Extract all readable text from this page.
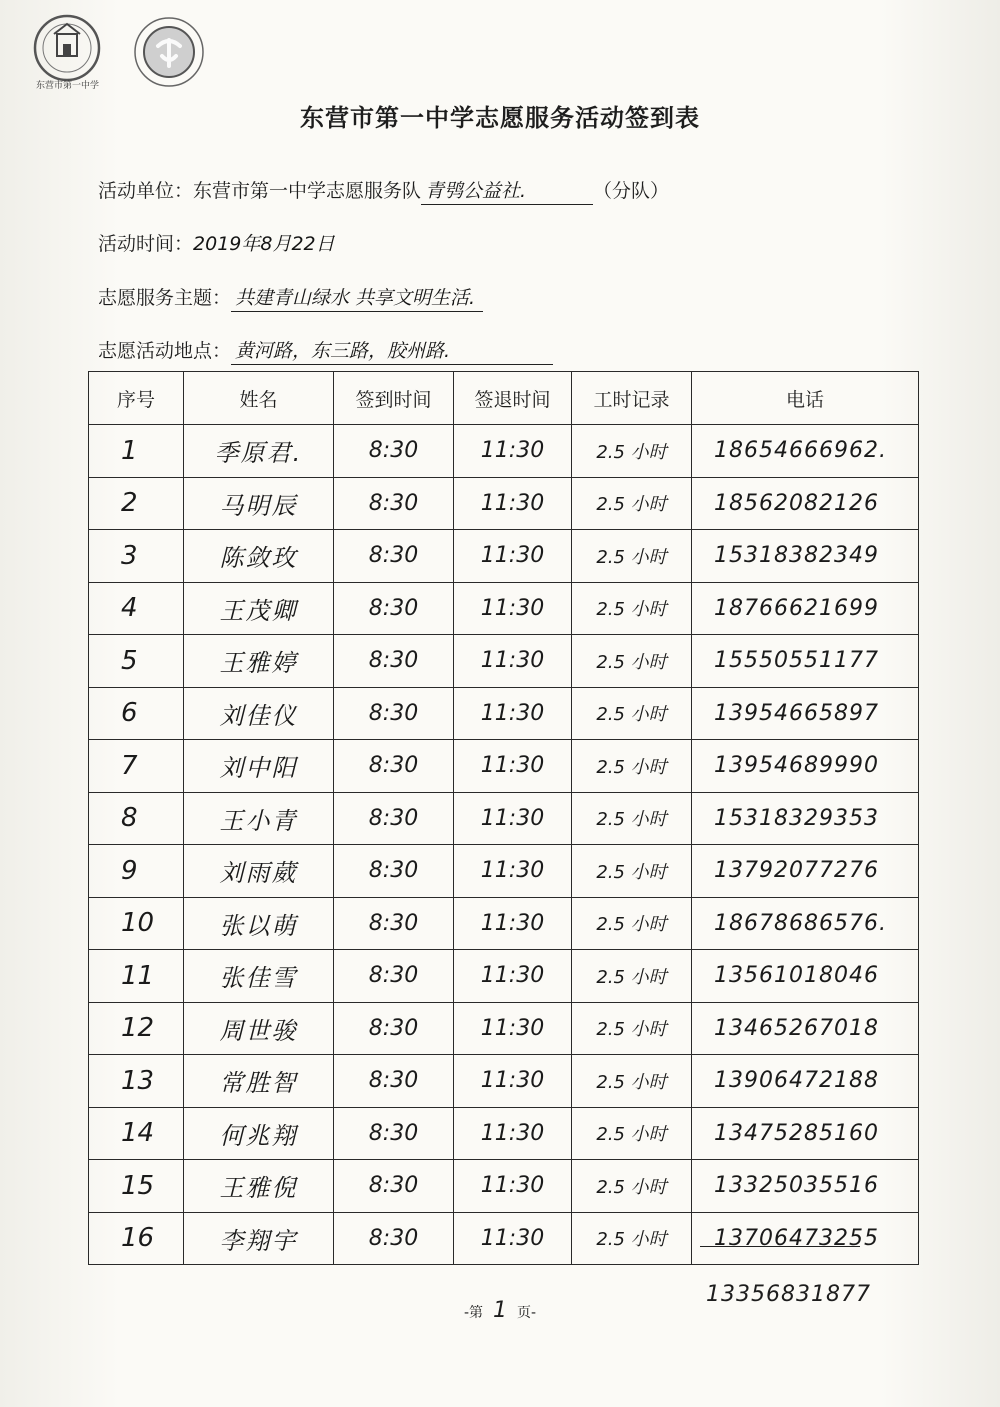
东营市第一中学
东营市第一中学志愿服务活动签到表
活动单位：东营市第一中学志愿服务队 青鸮公益社.	（分队）
活动时间：2019年8月22日
志愿服务主题： 共建青山绿水 共享文明生活.
志愿活动地点： 黄河路，东三路，胶州路.
序号	姓名	签到时间	签退时间	工时记录	电话
1	季原君.	8:30	11:30	2.5 小时	18654666962.
2	马明辰	8:30	11:30	2.5 小时	18562082126
3	陈敛玫	8:30	11:30	2.5 小时	15318382349
4	王茂卿	8:30	11:30	2.5 小时	18766621699
5	王雅婷	8:30	11:30	2.5 小时	15550551177
6	刘佳仪	8:30	11:30	2.5 小时	13954665897
7	刘中阳	8:30	11:30	2.5 小时	13954689990
8	王小青	8:30	11:30	2.5 小时	15318329353
9	刘雨葳	8:30	11:30	2.5 小时	13792077276
10	张以萌	8:30	11:30	2.5 小时	18678686576.
11	张佳雪	8:30	11:30	2.5 小时	13561018046
12	周世骏	8:30	11:30	2.5 小时	13465267018
13	常胜智	8:30	11:30	2.5 小时	13906472188
14	何兆翔	8:30	11:30	2.5 小时	13475285160
15	王雅倪	8:30	11:30	2.5 小时	13325035516
16	李翔宇	8:30	11:30	2.5 小时	13706473255
13356831877
-第 1 页-
